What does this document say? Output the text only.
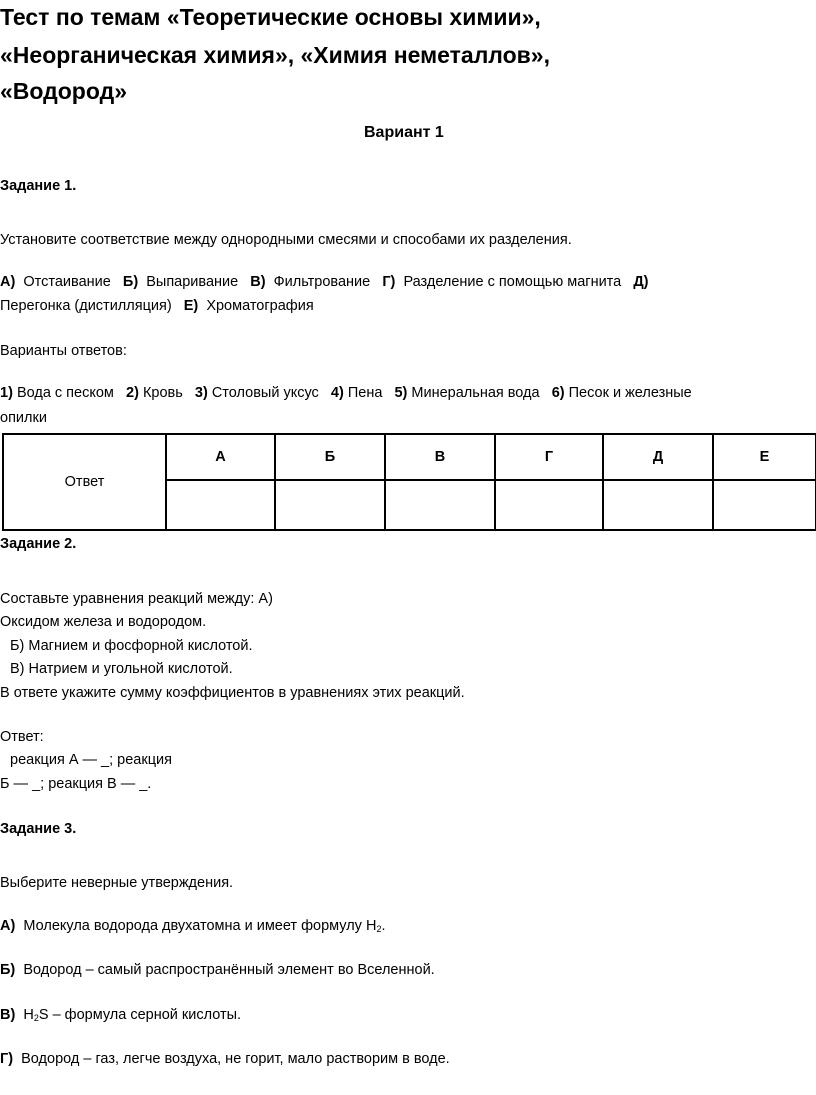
Тест по темам «Теоретические основы химии»,
«Неорганическая химия», «Химия неметаллов»,
«Водород»
Вариант 1
Задание 1.
Установите соответствие между однородными смесями и способами их разделения.
А) Отстаивание Б) Выпаривание В) Фильтрование Г) Разделение с помощью магнита Д)
Перегонка (дистилляция) Е) Хроматография
Варианты ответов:
1) Вода с песком 2) Кровь 3) Столовый уксус 4) Пена 5) Минеральная вода 6) Песок и железные
опилки
Ответ	А	Б	В	Г	Д	Е

Задание 2.
Составьте уравнения реакций между: А)
Оксидом железа и водородом.
Б) Магнием и фосфорной кислотой.
В) Натрием и угольной кислотой.
В ответе укажите сумму коэффициентов в уравнениях этих реакций.
Ответ:
реакция А — _; реакция
Б — _; реакция В — _.
Задание 3.
Выберите неверные утверждения.
А) Молекула водорода двухатомна и имеет формулу $Н_2$.
Б) Водород – самый распространённый элемент во Вселенной.
В) $Н_2S$ – формула серной кислоты.
Г) Водород – газ, легче воздуха, не горит, мало растворим в воде.
